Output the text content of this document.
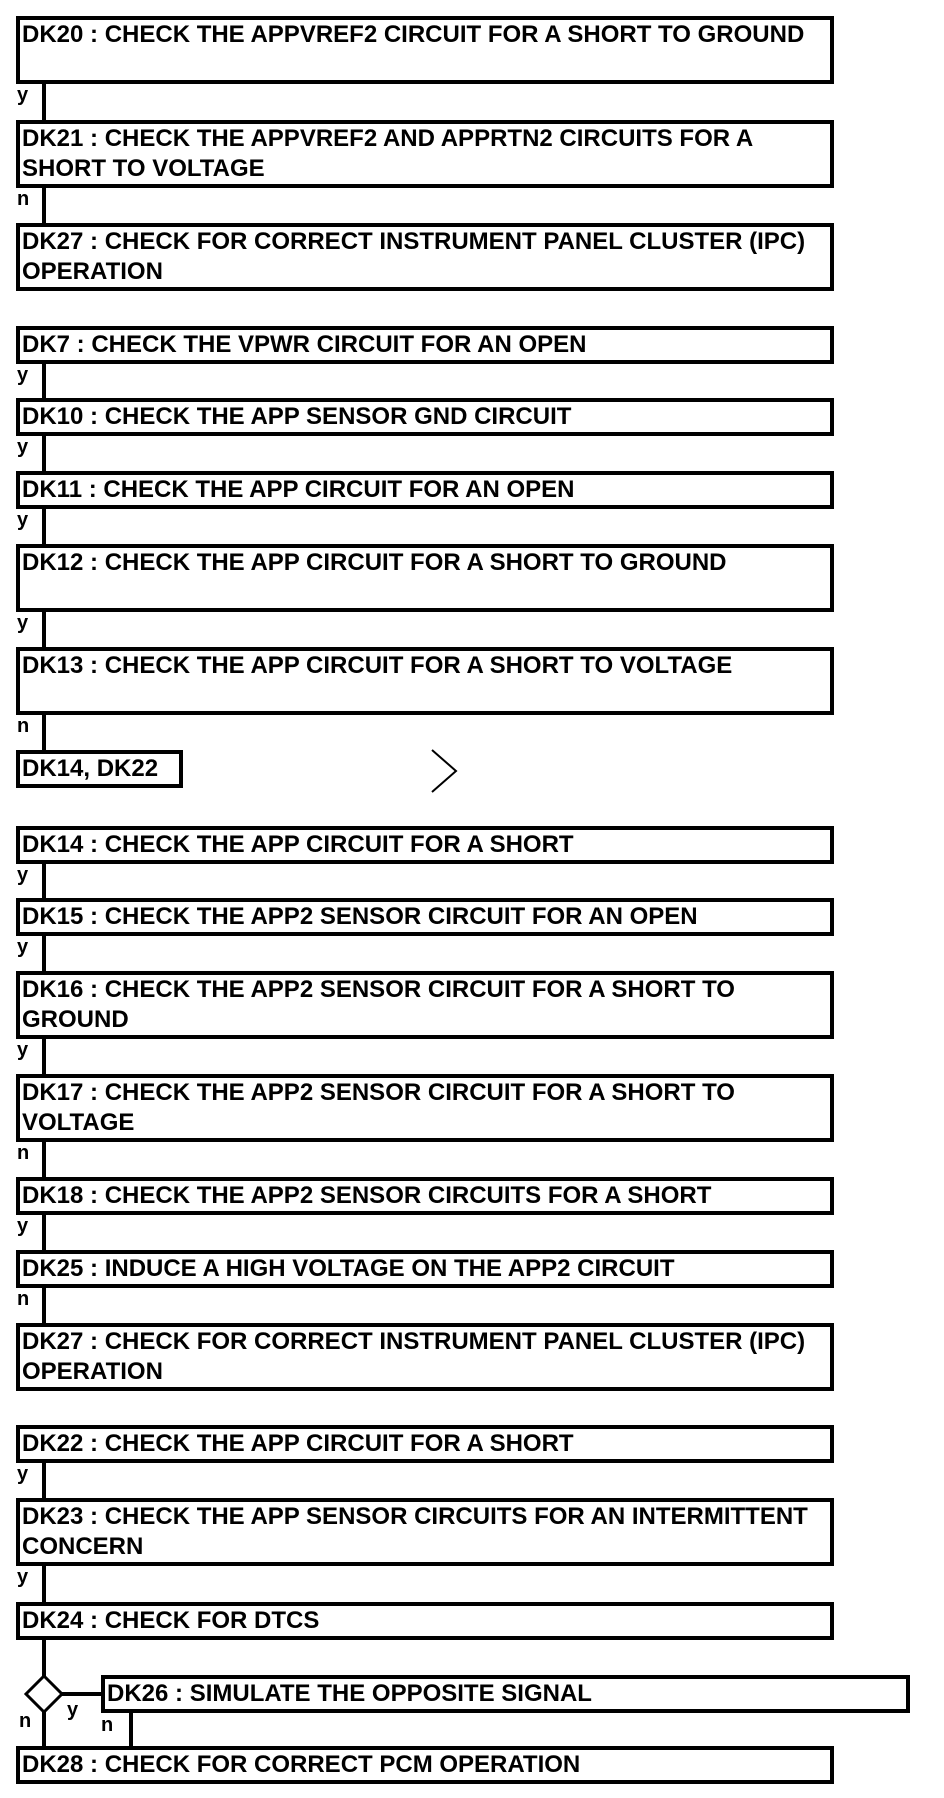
DK20 : CHECK THE APPVREF2 CIRCUIT FOR A SHORT TO GROUND
DK21 : CHECK THE APPVREF2 AND APPRTN2 CIRCUITS FOR A SHORT TO VOLTAGE
DK27 : CHECK FOR CORRECT INSTRUMENT PANEL CLUSTER (IPC) OPERATION
DK7 : CHECK THE VPWR CIRCUIT FOR AN OPEN
DK10 : CHECK THE APP SENSOR GND CIRCUIT
DK11 : CHECK THE APP CIRCUIT FOR AN OPEN
DK12 : CHECK THE APP CIRCUIT FOR A SHORT TO GROUND
DK13 : CHECK THE APP CIRCUIT FOR A SHORT TO VOLTAGE
DK14, DK22
DK14 : CHECK THE APP CIRCUIT FOR A SHORT
DK15 : CHECK THE APP2 SENSOR CIRCUIT FOR AN OPEN
DK16 : CHECK THE APP2 SENSOR CIRCUIT FOR A SHORT TO GROUND
DK17 : CHECK THE APP2 SENSOR CIRCUIT FOR A SHORT TO VOLTAGE
DK18 : CHECK THE APP2 SENSOR CIRCUITS FOR A SHORT
DK25 : INDUCE A HIGH VOLTAGE ON THE APP2 CIRCUIT
DK27 : CHECK FOR CORRECT INSTRUMENT PANEL CLUSTER (IPC) OPERATION
DK22 : CHECK THE APP CIRCUIT FOR A SHORT
DK23 : CHECK THE APP SENSOR CIRCUITS FOR AN INTERMITTENT CONCERN
DK24 : CHECK FOR DTCS
DK26 : SIMULATE THE OPPOSITE SIGNAL
DK28 : CHECK FOR CORRECT PCM OPERATION
y
n
y
y
y
y
n
y
y
y
n
y
n
y
y
y
n	n
